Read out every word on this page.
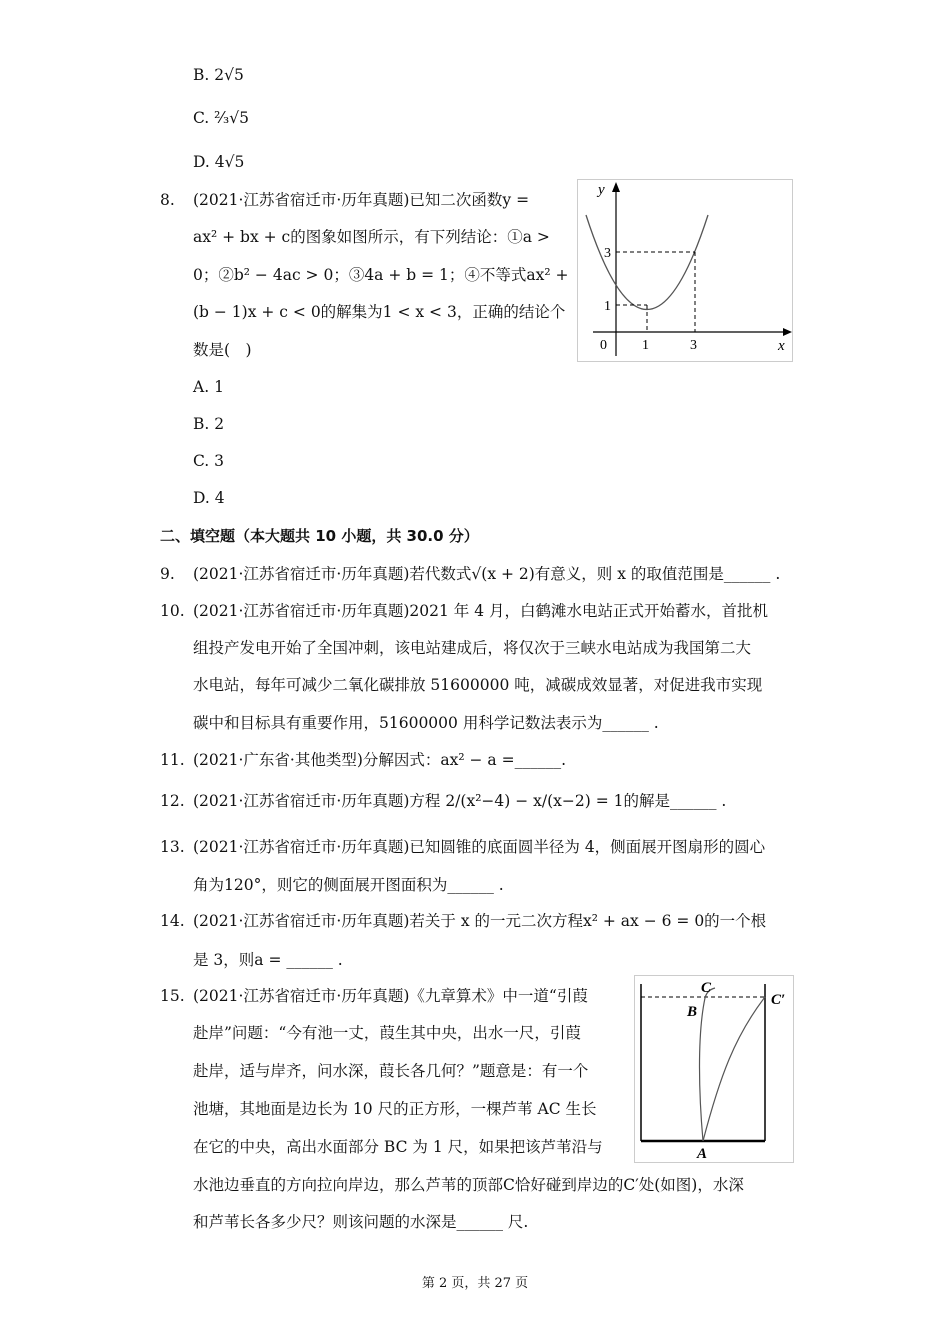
B. 2√5
C. ²⁄₃√5
D. 4√5
8. (2021·江苏省宿迁市·历年真题)已知二次函数y =
ax² + bx + c的图象如图所示，有下列结论：①a >
0；②b² − 4ac > 0；③4a + b = 1；④不等式ax² +
(b − 1)x + c < 0的解集为1 < x < 3，正确的结论个
数是(　)
A. 1
B. 2
C. 3
D. 4
y
x
0	1	3
1
3
二、填空题（本大题共 10 小题，共 30.0 分）
9. (2021·江苏省宿迁市·历年真题)若代数式√(x + 2)有意义，则 x 的取值范围是______ .
10. (2021·江苏省宿迁市·历年真题)2021 年 4 月，白鹤滩水电站正式开始蓄水，首批机
组投产发电开始了全国冲刺，该电站建成后，将仅次于三峡水电站成为我国第二大
水电站，每年可减少二氧化碳排放 51600000 吨，减碳成效显著，对促进我市实现
碳中和目标具有重要作用，51600000 用科学记数法表示为______ .
11. (2021·广东省·其他类型)分解因式：ax² − a =______.
12. (2021·江苏省宿迁市·历年真题)方程 2/(x²−4) − x/(x−2) = 1的解是______ .
13. (2021·江苏省宿迁市·历年真题)已知圆锥的底面圆半径为 4，侧面展开图扇形的圆心
角为120°，则它的侧面展开图面积为______ .
14. (2021·江苏省宿迁市·历年真题)若关于 x 的一元二次方程x² + ax − 6 = 0的一个根
是 3，则a = ______ .
15. (2021·江苏省宿迁市·历年真题)《九章算术》中一道“引葭
赴岸”问题：“今有池一丈，葭生其中央，出水一尺，引葭
赴岸，适与岸齐，问水深，葭长各几何？”题意是：有一个
池塘，其地面是边长为 10 尺的正方形，一棵芦苇 AC 生长
在它的中央，高出水面部分 BC 为 1 尺，如果把该芦苇沿与
水池边垂直的方向拉向岸边，那么芦苇的顶部C恰好碰到岸边的C′处(如图)，水深
和芦苇长各多少尺？则该问题的水深是______ 尺.
C
B
C′
A
第 2 页，共 27 页
